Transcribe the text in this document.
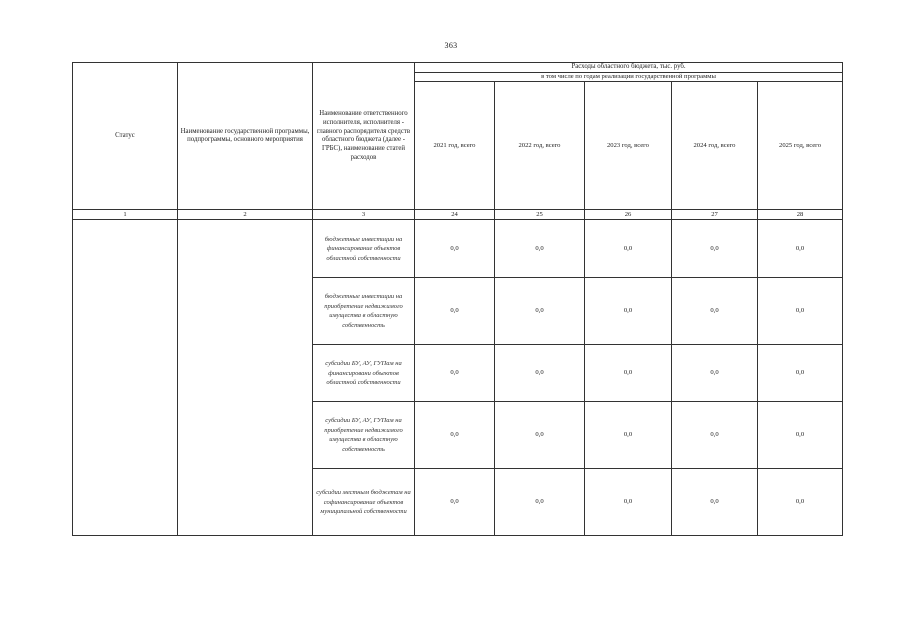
363
Статус	Наименование государственной программы, подпрограммы, основного мероприятия	Наименование ответственного исполнителя, исполнителя - главного распорядителя средств областного бюджета (далее - ГРБС), наименование статей расходов	Расходы областного бюджета, тыс. руб.				
			в том числе по годам реализации государственной программы				
			2021 год, всего	2022 год, всего	2023 год, всего	2024 год, всего	2025 год, всего
1	2	3	24	25	26	27	28
		бюджетные инвестиции на финансирование объектов областной собственности	0,0	0,0	0,0	0,0	0,0
		бюджетные инвестиции на приобретение недвижимого имущества в областную собственность	0,0	0,0	0,0	0,0	0,0
		субсидии БУ, АУ, ГУПам на финансировани объектов областной собственности	0,0	0,0	0,0	0,0	0,0
		субсидии БУ, АУ, ГУПам на приобретение недвижимого имущества в областную собственность	0,0	0,0	0,0	0,0	0,0
		субсидии местным бюджетам на софинансирование объектов муниципальной собственности	0,0	0,0	0,0	0,0	0,0
